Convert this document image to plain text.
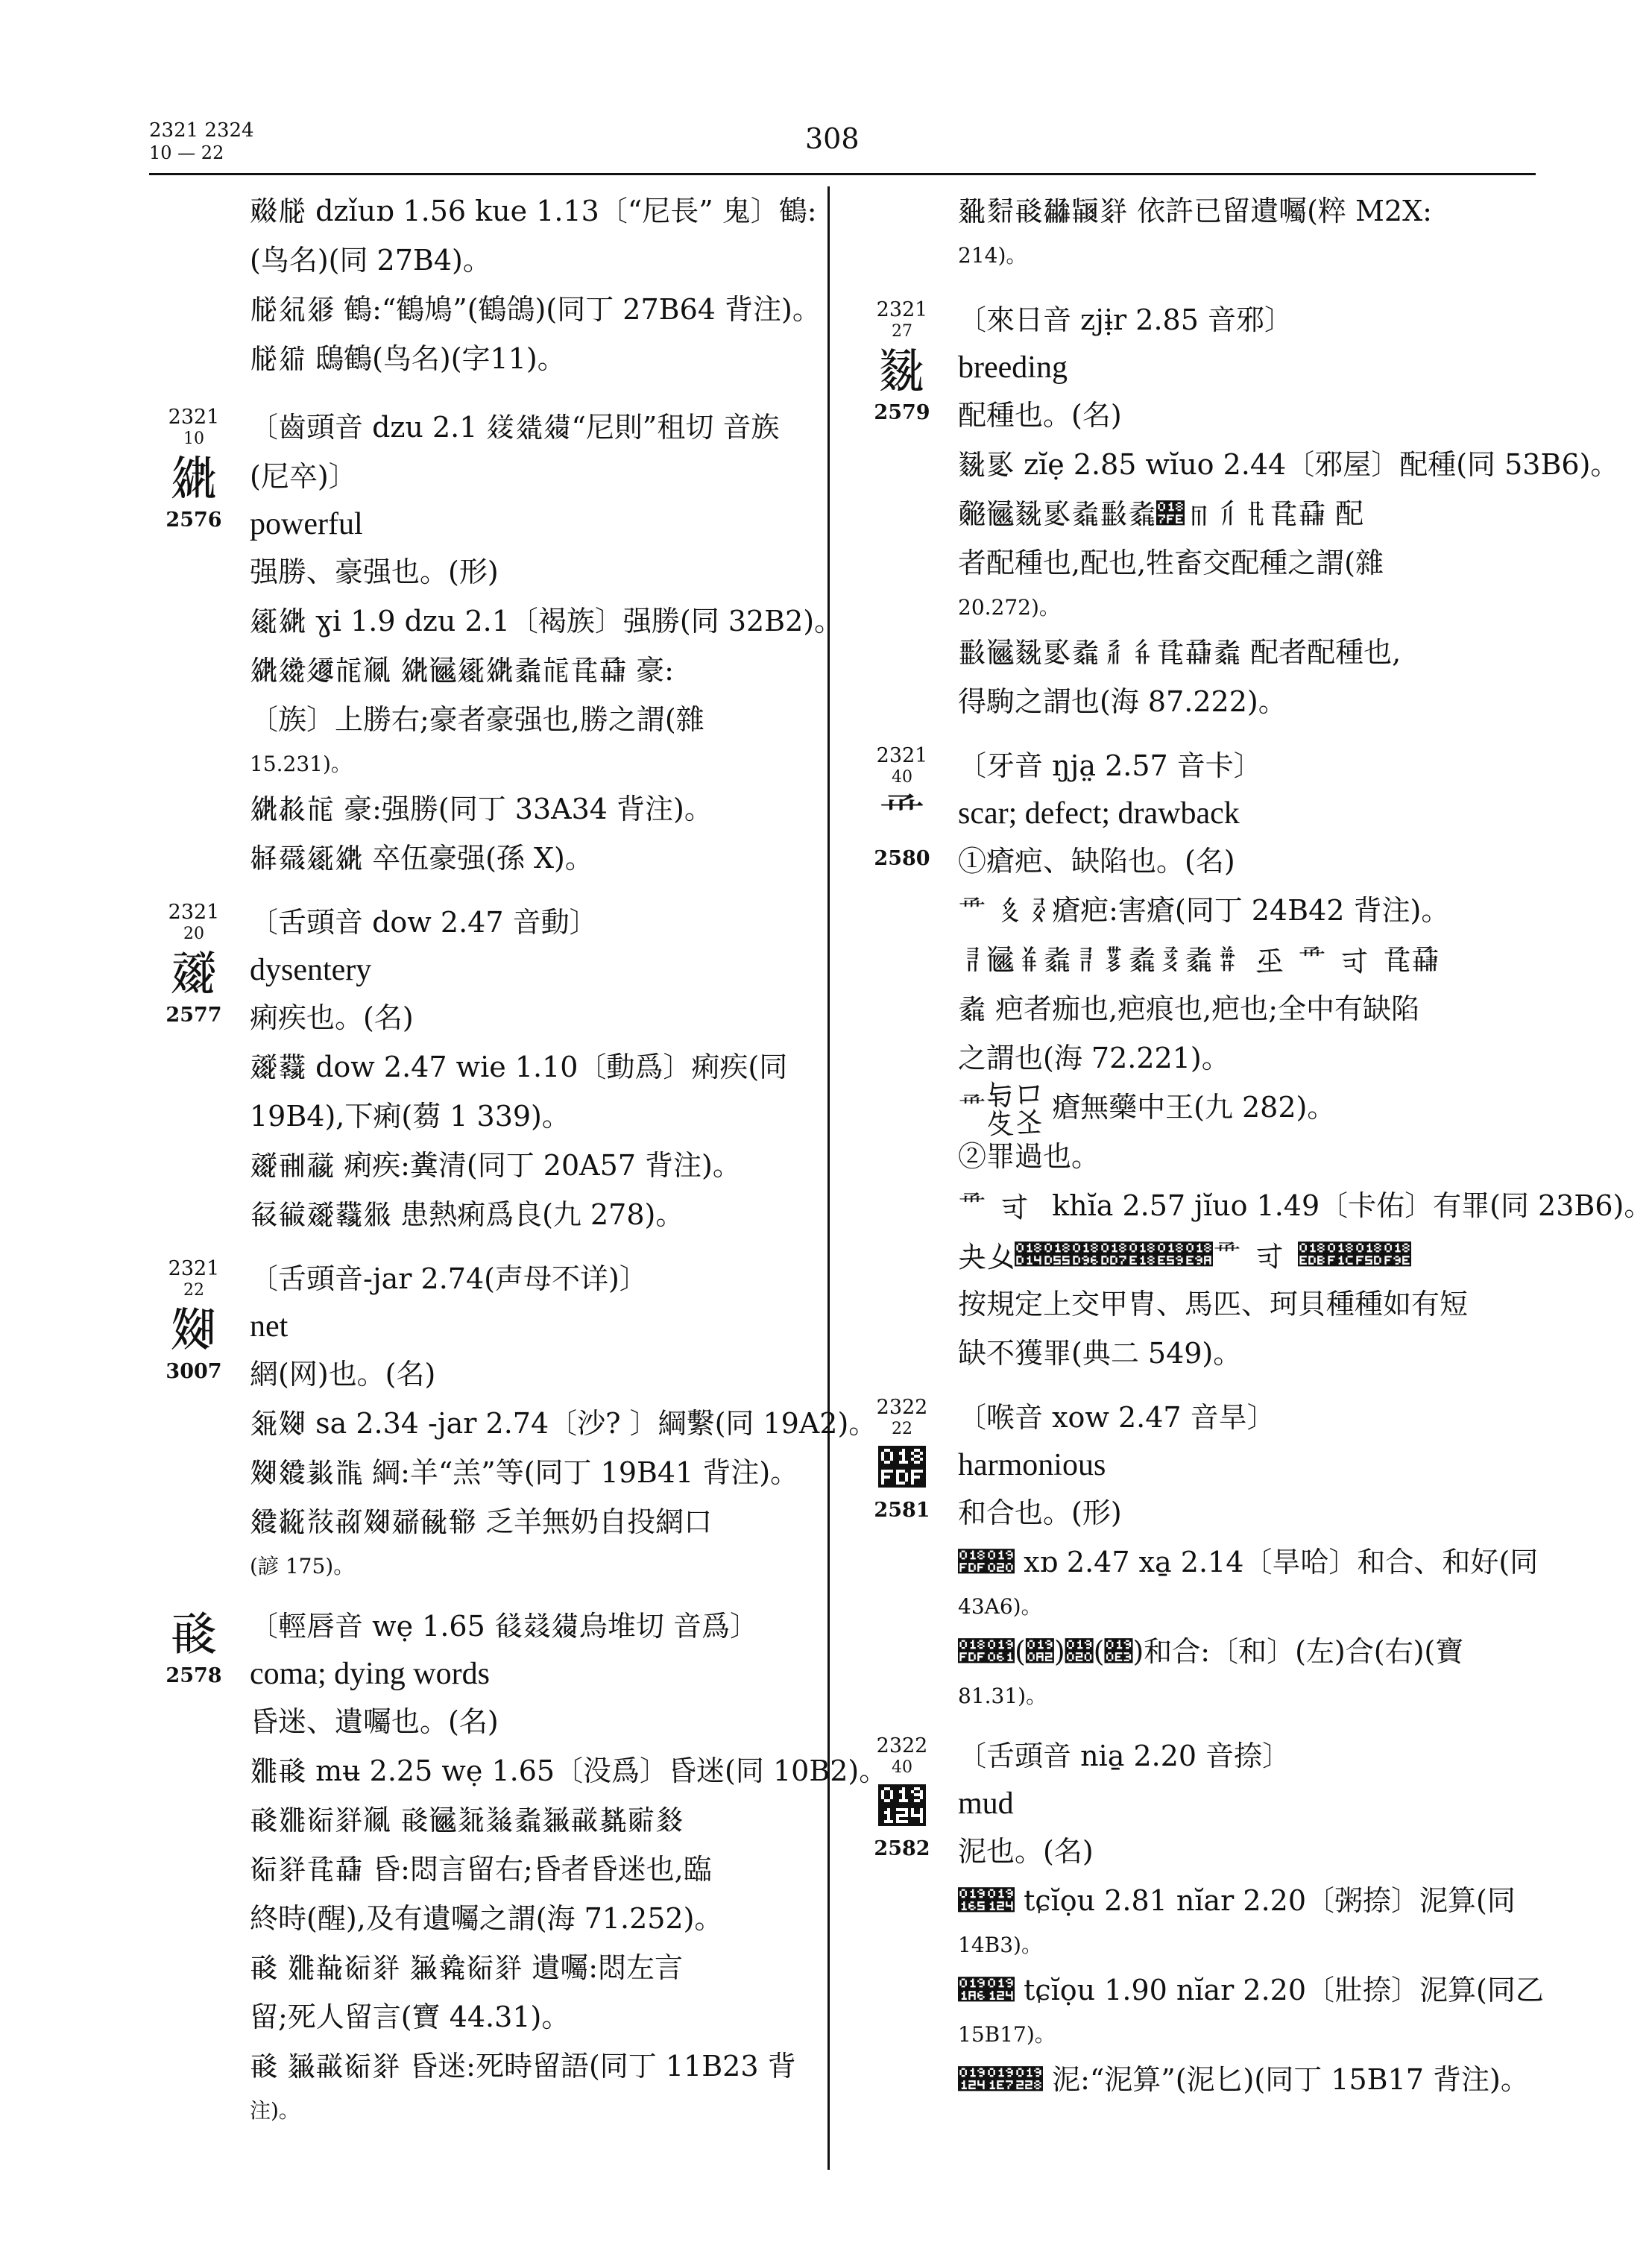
2321 2324
10 — 22	308
𗡁𗢁 dzǐuɒ 1.56 kue 1.13〔“尼長” 鬼〕鶴:
(鸟名)(同 27B4)。
𗢁𗣂𗤃 鶴:“鶴鳩”(鶴鴿)(同丁 27B64 背注)。
𗢁𗥄 鴟鶴(鸟名)(字11)。
2321
10
𗦅
2576
〔齒頭音 dzu 2.1 𗧆𗨇𗩈“尼則”租切 音族
(尼卒)〕
powerful
强勝、豪强也。(形)
𗪉𗦅 ɣi 1.9 dzu 2.1〔褐族〕强勝(同 32B2)。
𗦅𗫊𗬋𗭌𗮍 𗦅𗯎𗪉𗦅𗰏𗭌𗱐𗲑 豪:
〔族〕上勝右;豪者豪强也,勝之謂(雜
15.231)。
𗦅𗳒𗭌 豪:强勝(同丁 33A34 背注)。
𗴓𗵔𗪉𗦅 卒伍豪强(孫 X)。
2321
20
𗶕
2577
〔舌頭音 dow 2.47 音動〕
dysentery
痢疾也。(名)
𗶕𗷖 dow 2.47 wie 1.10〔動爲〕痢疾(同
19B4),下痢(蒭 1 339)。
𗶕𗸗𗹘 痢疾:糞清(同丁 20A57 背注)。
𗺙𗻚𗶕𗷖𗼛 患熱痢爲良(九 278)。
2321
22
𗽜
3007
〔舌頭音-jar 2.74(声母不详)〕
net
網(网)也。(名)
𗾝𗽜 sa 2.34 -jar 2.74〔沙? 〕綱繫(同 19A2)。
𗽜𗿞𘀟𘁠 綱:羊“羔”等(同丁 19B41 背注)。
𗿞𘂡𘃢𘄣𗽜𘅤𘆥𘇦 乏羊無奶自投網口
(諺 175)。
𘈧
2578
〔輕唇音 wẹ 1.65 𘉨𘊩𗩈烏堆切 音爲〕
coma; dying words
昏迷、遺囑也。(名)
𘋪𘈧 mʉ 2.25 wẹ 1.65〔没爲〕昏迷(同 10B2)。
𘈧𘋪𘌫𘍬𗮍 𘈧𗯎𘎭𘏮𗰏𘐯𘑰𘒱𘓲𘔳
𘌫𘍬𗱐𗲑 昏:悶言留右;昏者昏迷也,臨
終時(醒),及有遺囑之謂(海 71.252)。
𘈧 𘋪𘕴𘌫𘍬 𘐯𘖵𘌫𘍬 遺囑:悶左言
留;死人留言(寶 44.31)。
𘈧 𘐯𘑰𘌫𘍬 昏迷:死時留語(同丁 11B23 背
注)。
𘗶𘘷𘈧𘙸𘚹𘍬 依許已留遺囑(粹 M2X:
214)。
2321
27
𘛺
2579
〔來日音 zjɨ̣r 2.85 音邪〕
breeding
配種也。(名)
𘛺𘜻 zĭẹ 2.85 wĭuo 2.44〔邪屋〕配種(同 53B6)。
𘝼𗯎𘛺𘜻𗰏𘞽𗰏𘟾𘠿𘡀𘢁𗱐𗲑 配
者配種也,配也,牲畜交配種之謂(雜
20.272)。
𘞽𗯎𘛺𘜻𗰏𘣂𘤃𗱐𗲑𗰏 配者配種也,
得駒之謂也(海 87.222)。
2321
40
𘥄
2580
〔牙音 ŋja̤ 2.57 音卡〕
scar; defect; drawback
①瘡疤、缺陷也。(名)
𘥄 𘦅𘧆瘡疤:害瘡(同丁 24B42 背注)。
𘧇𗯎𘨈𗰏𘧇𘩉𗰏𘪊𗰏𘫋𘬌𘥄𘭍𗱐𗲑
𗰏 疤者痂也,疤痕也,疤也;全中有缺陷
之謂也(海 72.221)。
𘥄𘮎𘯏𘰐𘱑 瘡無藥中王(九 282)。
②罪過也。
𘥄𘭍 khĭa 2.57 jĭuo 1.49〔卡佑〕有罪(同 23B6)。
𘲒𘳓𘴔𘵕𘶖𘷗𘸘𘹙𘺚𘥄𘭍𘻛𘼜𘽝𘾞
按規定上交甲胄、馬匹、珂貝種種如有短
缺不獲罪(典二 549)。
2322
22
𘿟
2581
〔喉音 xow 2.47 音旱〕
harmonious
和合也。(形)
𘿟𙀠 xɒ 2.47 xa̱ 2.14〔旱哈〕和合、和好(同
43A6)。
𘿟𙁡(𙂢)𙀠(𙃣)和合:〔和〕(左)合(右)(寶
81.31)。
2322
40
𙄤
2582
〔舌頭音 nia̱ 2.20 音捺〕
mud
泥也。(名)
𙅥𙄤 tɕĭọu 2.81 nĭar 2.20〔粥捺〕泥算(同
14B3)。
𙆦𙄤 tɕĭọu 1.90 nĭar 2.20〔壯捺〕泥算(同乙
15B17)。
𙄤𙇧𙈨 泥:“泥算”(泥匕)(同丁 15B17 背注)。
